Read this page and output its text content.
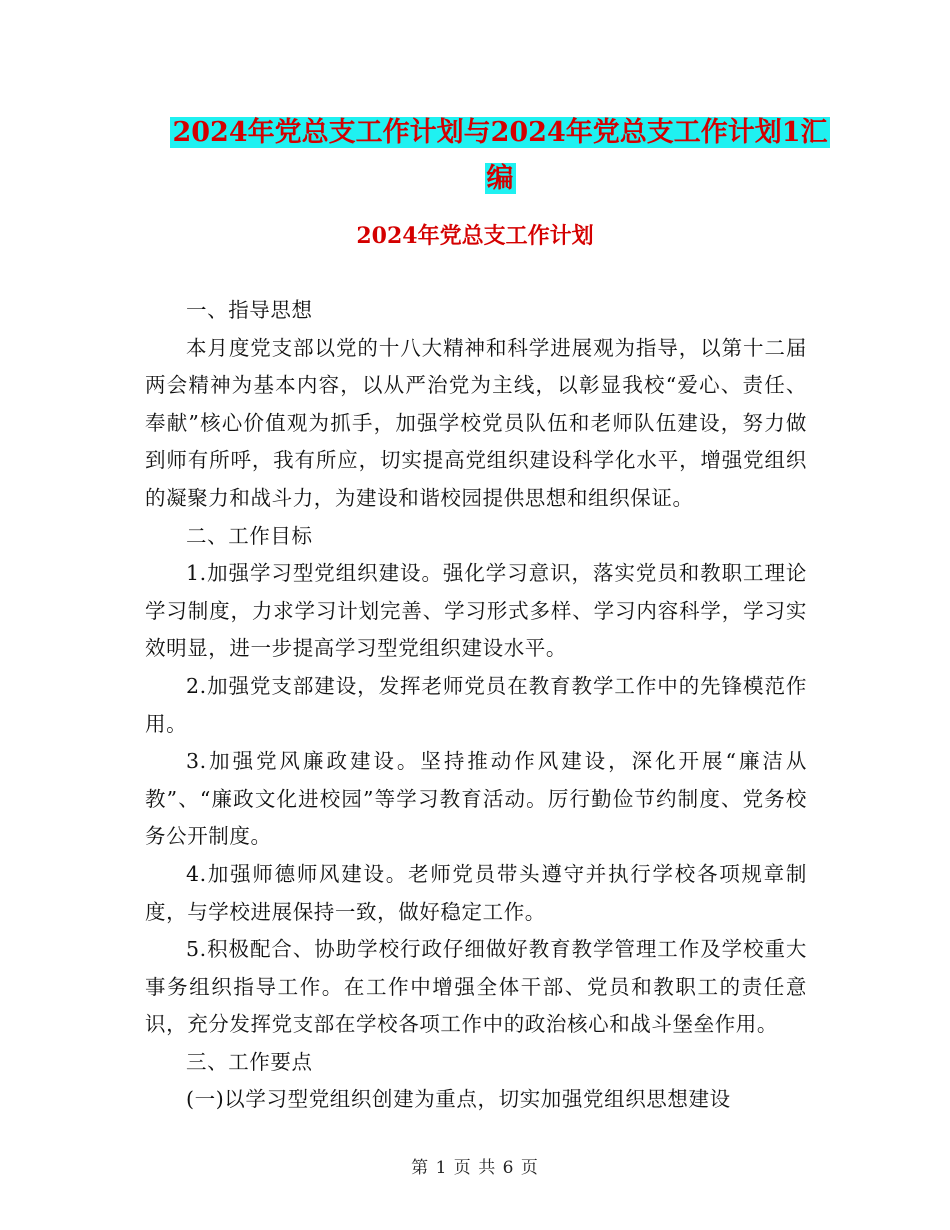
2024年党总支工作计划与2024年党总支工作计划1汇
编
2024年党总支工作计划

一、指导思想

本月度党支部以党的十八大精神和科学进展观为指导，以第十二届两会精神为基本内容，以从严治党为主线，以彰显我校“爱心、责任、奉献”核心价值观为抓手，加强学校党员队伍和老师队伍建设，努力做到师有所呼，我有所应，切实提高党组织建设科学化水平，增强党组织的凝聚力和战斗力，为建设和谐校园提供思想和组织保证。

二、工作目标

1.加强学习型党组织建设。强化学习意识，落实党员和教职工理论学习制度，力求学习计划完善、学习形式多样、学习内容科学，学习实效明显，进一步提高学习型党组织建设水平。

2.加强党支部建设，发挥老师党员在教育教学工作中的先锋模范作用。

3.加强党风廉政建设。坚持推动作风建设，深化开展“廉洁从教”、“廉政文化进校园”等学习教育活动。厉行勤俭节约制度、党务校务公开制度。

4.加强师德师风建设。老师党员带头遵守并执行学校各项规章制度，与学校进展保持一致，做好稳定工作。

5.积极配合、协助学校行政仔细做好教育教学管理工作及学校重大事务组织指导工作。在工作中增强全体干部、党员和教职工的责任意识，充分发挥党支部在学校各项工作中的政治核心和战斗堡垒作用。

三、工作要点

(一)以学习型党组织创建为重点，切实加强党组织思想建设

第 1 页 共 6 页
